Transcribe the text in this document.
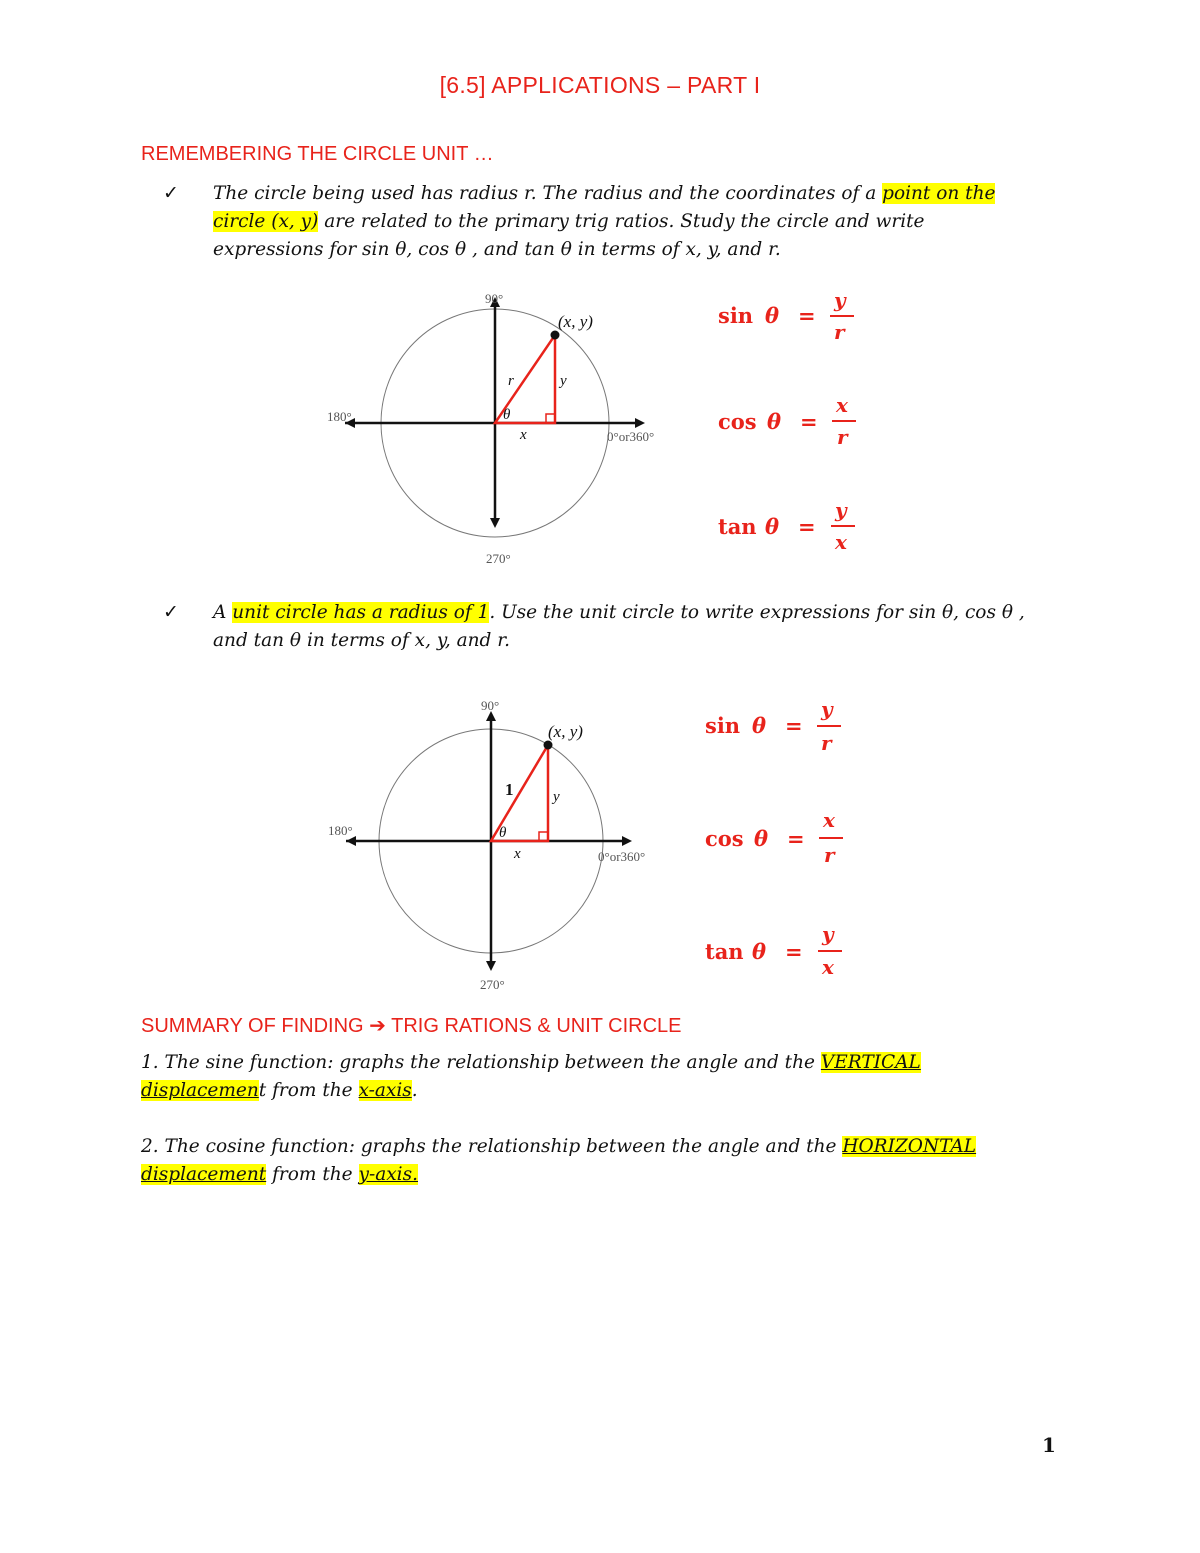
[6.5] APPLICATIONS – PART I
REMEMBERING THE CIRCLE UNIT …
✓ The circle being used has radius r. The radius and the coordinates of a point on the
circle (x, y) are related to the primary trig ratios. Study the circle and write
expressions for sin θ, cos θ , and tan θ in terms of x, y, and r.
90°
180°
0°or360°
270°
(x, y)
r	y
x
θ
sin θ =
y
r
cos θ =
x
r
tan θ =
y
x
✓ A unit circle has a radius of 1. Use the unit circle to write expressions for sin θ, cos θ ,
and tan θ in terms of x, y, and r.
90°
180°
0°or360°
270°
(x, y)
1	y
x
θ
sin θ =
y
r
cos θ =
x
r
tan θ =
y
x
SUMMARY OF FINDING ➔ TRIG RATIONS & UNIT CIRCLE
1. The sine function: graphs the relationship between the angle and the VERTICAL
displacement from the x-axis.
2. The cosine function: graphs the relationship between the angle and the HORIZONTAL
displacement from the y-axis.
1
